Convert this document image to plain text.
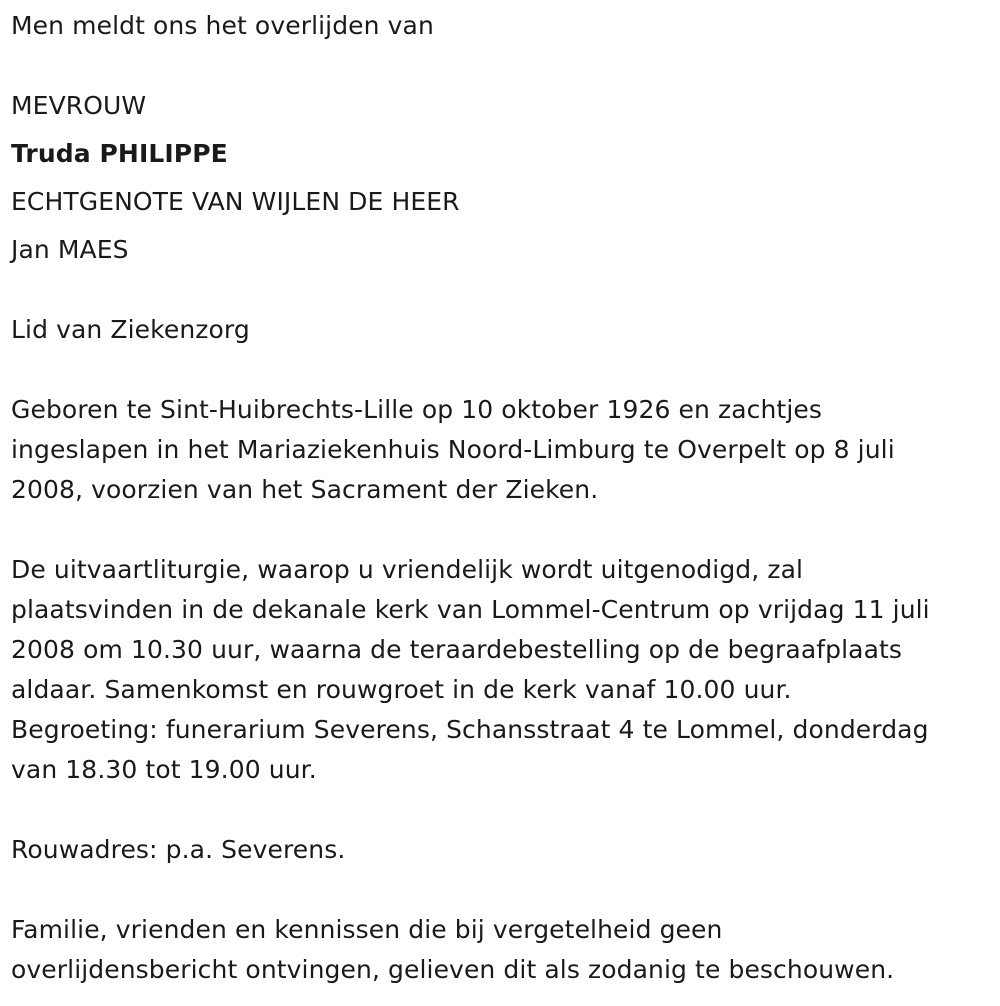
Men meldt ons het overlijden van
MEVROUW
Truda PHILIPPE
ECHTGENOTE VAN WIJLEN DE HEER
Jan MAES
Lid van Ziekenzorg
Geboren te Sint-Huibrechts-Lille op 10 oktober 1926 en zachtjes
ingeslapen in het Mariaziekenhuis Noord-Limburg te Overpelt op 8 juli
2008, voorzien van het Sacrament der Zieken.
De uitvaartliturgie, waarop u vriendelijk wordt uitgenodigd, zal
plaatsvinden in de dekanale kerk van Lommel-Centrum op vrijdag 11 juli
2008 om 10.30 uur, waarna de teraardebestelling op de begraafplaats
aldaar. Samenkomst en rouwgroet in de kerk vanaf 10.00 uur.
Begroeting: funerarium Severens, Schansstraat 4 te Lommel, donderdag
van 18.30 tot 19.00 uur.
Rouwadres: p.a. Severens.
Familie, vrienden en kennissen die bij vergetelheid geen
overlijdensbericht ontvingen, gelieven dit als zodanig te beschouwen.
